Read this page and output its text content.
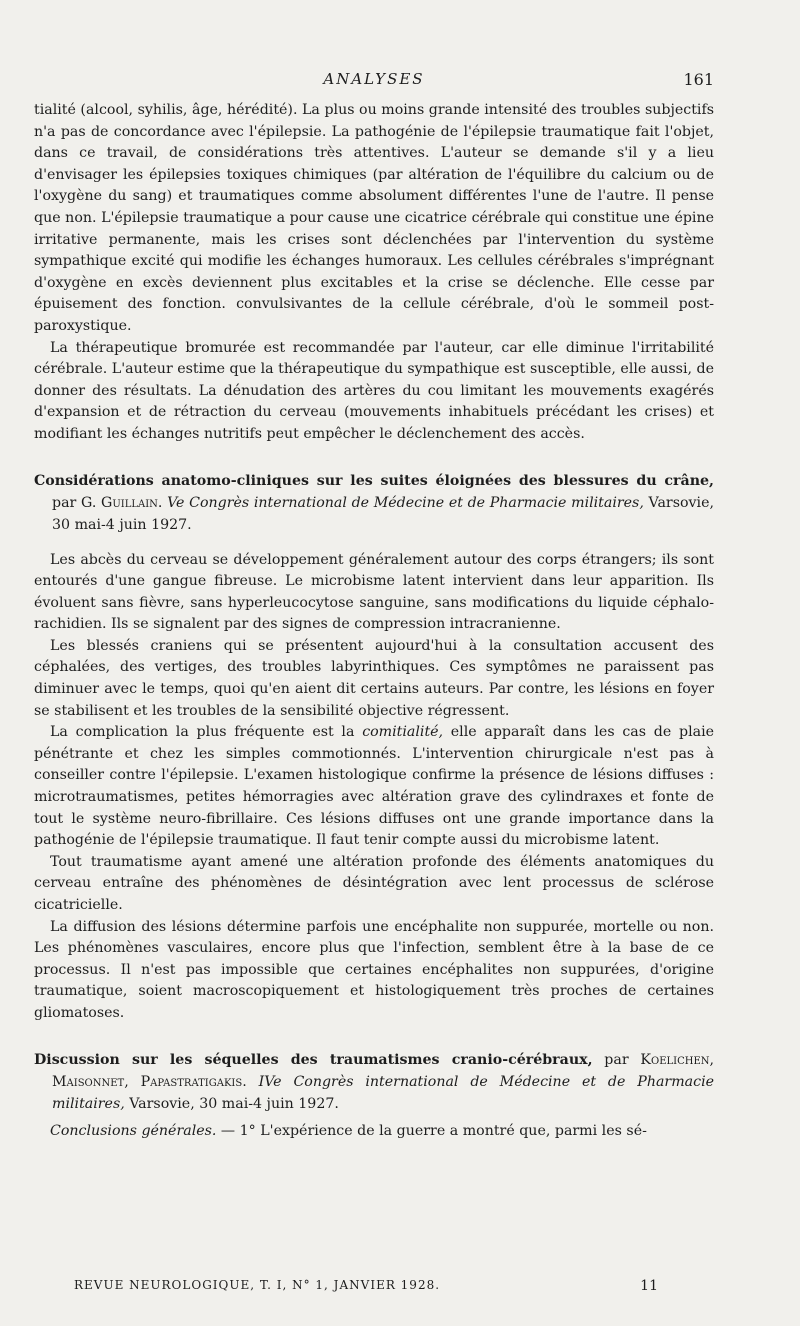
ANALYSES	161

tialité (alcool, syhilis, âge, hérédité). La plus ou moins grande intensité des troubles subjectifs n'a pas de concordance avec l'épilepsie. La pathogénie de l'épilepsie traumatique fait l'objet, dans ce travail, de considérations très attentives. L'auteur se demande s'il y a lieu d'envisager les épilepsies toxiques chimiques (par altération de l'équilibre du calcium ou de l'oxygène du sang) et traumatiques comme absolument différentes l'une de l'autre. Il pense que non. L'épilepsie traumatique a pour cause une cicatrice cérébrale qui constitue une épine irritative permanente, mais les crises sont déclenchées par l'intervention du système sympathique excité qui modifie les échanges humoraux. Les cellules cérébrales s'imprégnant d'oxygène en excès deviennent plus excitables et la crise se déclenche. Elle cesse par épuisement des fonction. convulsivantes de la cellule cérébrale, d'où le sommeil post-paroxystique.

La thérapeutique bromurée est recommandée par l'auteur, car elle diminue l'irritabilité cérébrale. L'auteur estime que la thérapeutique du sympathique est susceptible, elle aussi, de donner des résultats. La dénudation des artères du cou limitant les mouvements exagérés d'expansion et de rétraction du cerveau (mouvements inhabituels précédant les crises) et modifiant les échanges nutritifs peut empêcher le déclenchement des accès.

Considérations anatomo-cliniques sur les suites éloignées des blessures du crâne, par G. Guillain. Ve Congrès international de Médecine et de Pharmacie militaires, Varsovie, 30 mai-4 juin 1927.

Les abcès du cerveau se développement généralement autour des corps étrangers; ils sont entourés d'une gangue fibreuse. Le microbisme latent intervient dans leur apparition. Ils évoluent sans fièvre, sans hyperleucocytose sanguine, sans modifications du liquide céphalo-rachidien. Ils se signalent par des signes de compression intracranienne.

Les blessés craniens qui se présentent aujourd'hui à la consultation accusent des céphalées, des vertiges, des troubles labyrinthiques. Ces symptômes ne paraissent pas diminuer avec le temps, quoi qu'en aient dit certains auteurs. Par contre, les lésions en foyer se stabilisent et les troubles de la sensibilité objective régressent.

La complication la plus fréquente est la comitialité, elle apparaît dans les cas de plaie pénétrante et chez les simples commotionnés. L'intervention chirurgicale n'est pas à conseiller contre l'épilepsie. L'examen histologique confirme la présence de lésions diffuses : microtraumatismes, petites hémorragies avec altération grave des cylindraxes et fonte de tout le système neuro-fibrillaire. Ces lésions diffuses ont une grande importance dans la pathogénie de l'épilepsie traumatique. Il faut tenir compte aussi du microbisme latent.

Tout traumatisme ayant amené une altération profonde des éléments anatomiques du cerveau entraîne des phénomènes de désintégration avec lent processus de sclérose cicatricielle.

La diffusion des lésions détermine parfois une encéphalite non suppurée, mortelle ou non. Les phénomènes vasculaires, encore plus que l'infection, semblent être à la base de ce processus. Il n'est pas impossible que certaines encéphalites non suppurées, d'origine traumatique, soient macroscopiquement et histologiquement très proches de certaines gliomatoses.

Discussion sur les séquelles des traumatismes cranio-cérébraux, par Koelichen, Maisonnet, Papastratigakis. IVe Congrès international de Médecine et de Pharmacie militaires, Varsovie, 30 mai-4 juin 1927.

Conclusions générales. — 1° L'expérience de la guerre a montré que, parmi les sé-

REVUE NEUROLOGIQUE, T. I, N° 1, JANVIER 1928.	11
